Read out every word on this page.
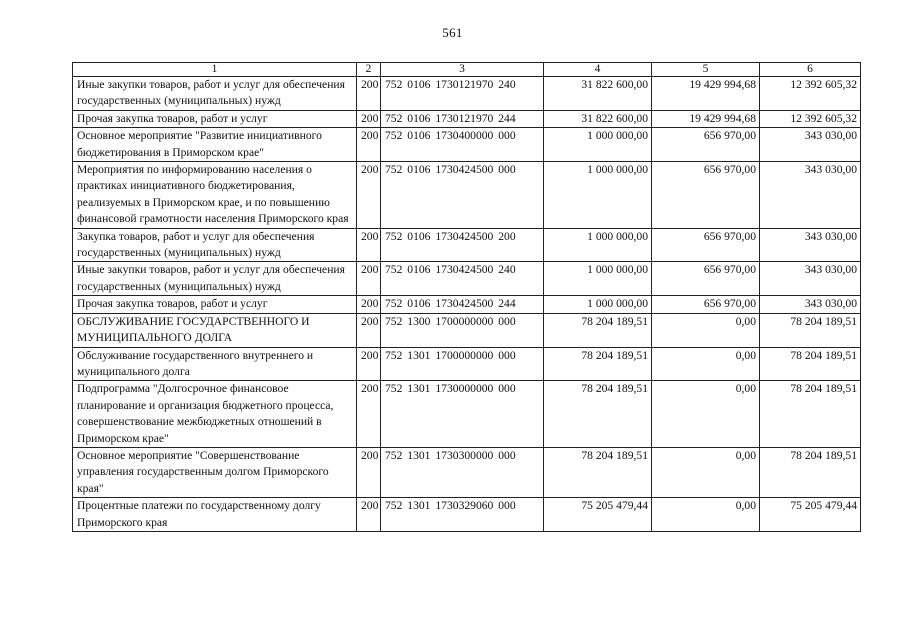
561
1	2	3	4	5	6
Иные закупки товаров, работ и услуг для обеспечения государственных (муниципальных) нужд	200	752 0106 1730121970 240	31 822 600,00	19 429 994,68	12 392 605,32
Прочая закупка товаров, работ и услуг	200	752 0106 1730121970 244	31 822 600,00	19 429 994,68	12 392 605,32
Основное мероприятие "Развитие инициативного бюджетирования в Приморском крае"	200	752 0106 1730400000 000	1 000 000,00	656 970,00	343 030,00
Мероприятия по информированию населения о практиках инициативного бюджетирования, реализуемых в Приморском крае, и по повышению финансовой грамотности населения Приморского края	200	752 0106 1730424500 000	1 000 000,00	656 970,00	343 030,00
Закупка товаров, работ и услуг для обеспечения государственных (муниципальных) нужд	200	752 0106 1730424500 200	1 000 000,00	656 970,00	343 030,00
Иные закупки товаров, работ и услуг для обеспечения государственных (муниципальных) нужд	200	752 0106 1730424500 240	1 000 000,00	656 970,00	343 030,00
Прочая закупка товаров, работ и услуг	200	752 0106 1730424500 244	1 000 000,00	656 970,00	343 030,00
ОБСЛУЖИВАНИЕ ГОСУДАРСТВЕННОГО И МУНИЦИПАЛЬНОГО ДОЛГА	200	752 1300 1700000000 000	78 204 189,51	0,00	78 204 189,51
Обслуживание государственного внутреннего и муниципального долга	200	752 1301 1700000000 000	78 204 189,51	0,00	78 204 189,51
Подпрограмма "Долгосрочное финансовое планирование и организация бюджетного процесса, совершенствование межбюджетных отношений в Приморском крае"	200	752 1301 1730000000 000	78 204 189,51	0,00	78 204 189,51
Основное мероприятие "Совершенствование управления государственным долгом Приморского края"	200	752 1301 1730300000 000	78 204 189,51	0,00	78 204 189,51
Процентные платежи по государственному долгу Приморского края	200	752 1301 1730329060 000	75 205 479,44	0,00	75 205 479,44
